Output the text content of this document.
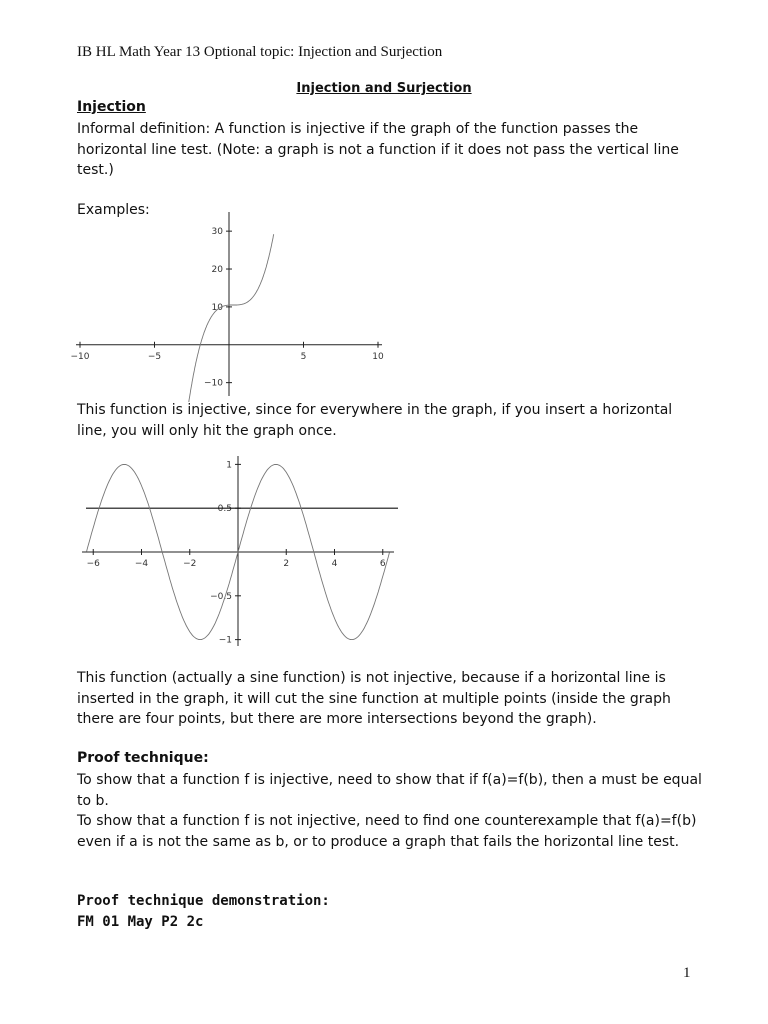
IB HL Math Year 13 Optional topic: Injection and Surjection
Injection and Surjection
Injection
Informal definition: A function is injective if the graph of the function passes the horizontal line test. (Note: a graph is not a function if it does not pass the vertical line test.)
Examples:
−10	−5	5	10
30
20
10
−10
This function is injective, since for everywhere in the graph, if you insert a horizontal line, you will only hit the graph once.
−6	−4	−2	2	4	6
1
0.5
−0.5
−1
This function (actually a sine function) is not injective, because if a horizontal line is inserted in the graph, it will cut the sine function at multiple points (inside the graph there are four points, but there are more intersections beyond the graph).
Proof technique:
To show that a function f is injective, need to show that if f(a)=f(b), then a must be equal to b.
To show that a function f is not injective, need to find one counterexample that f(a)=f(b) even if a is not the same as b, or to produce a graph that fails the horizontal line test.
Proof technique demonstration:
FM 01 May P2 2c
1
